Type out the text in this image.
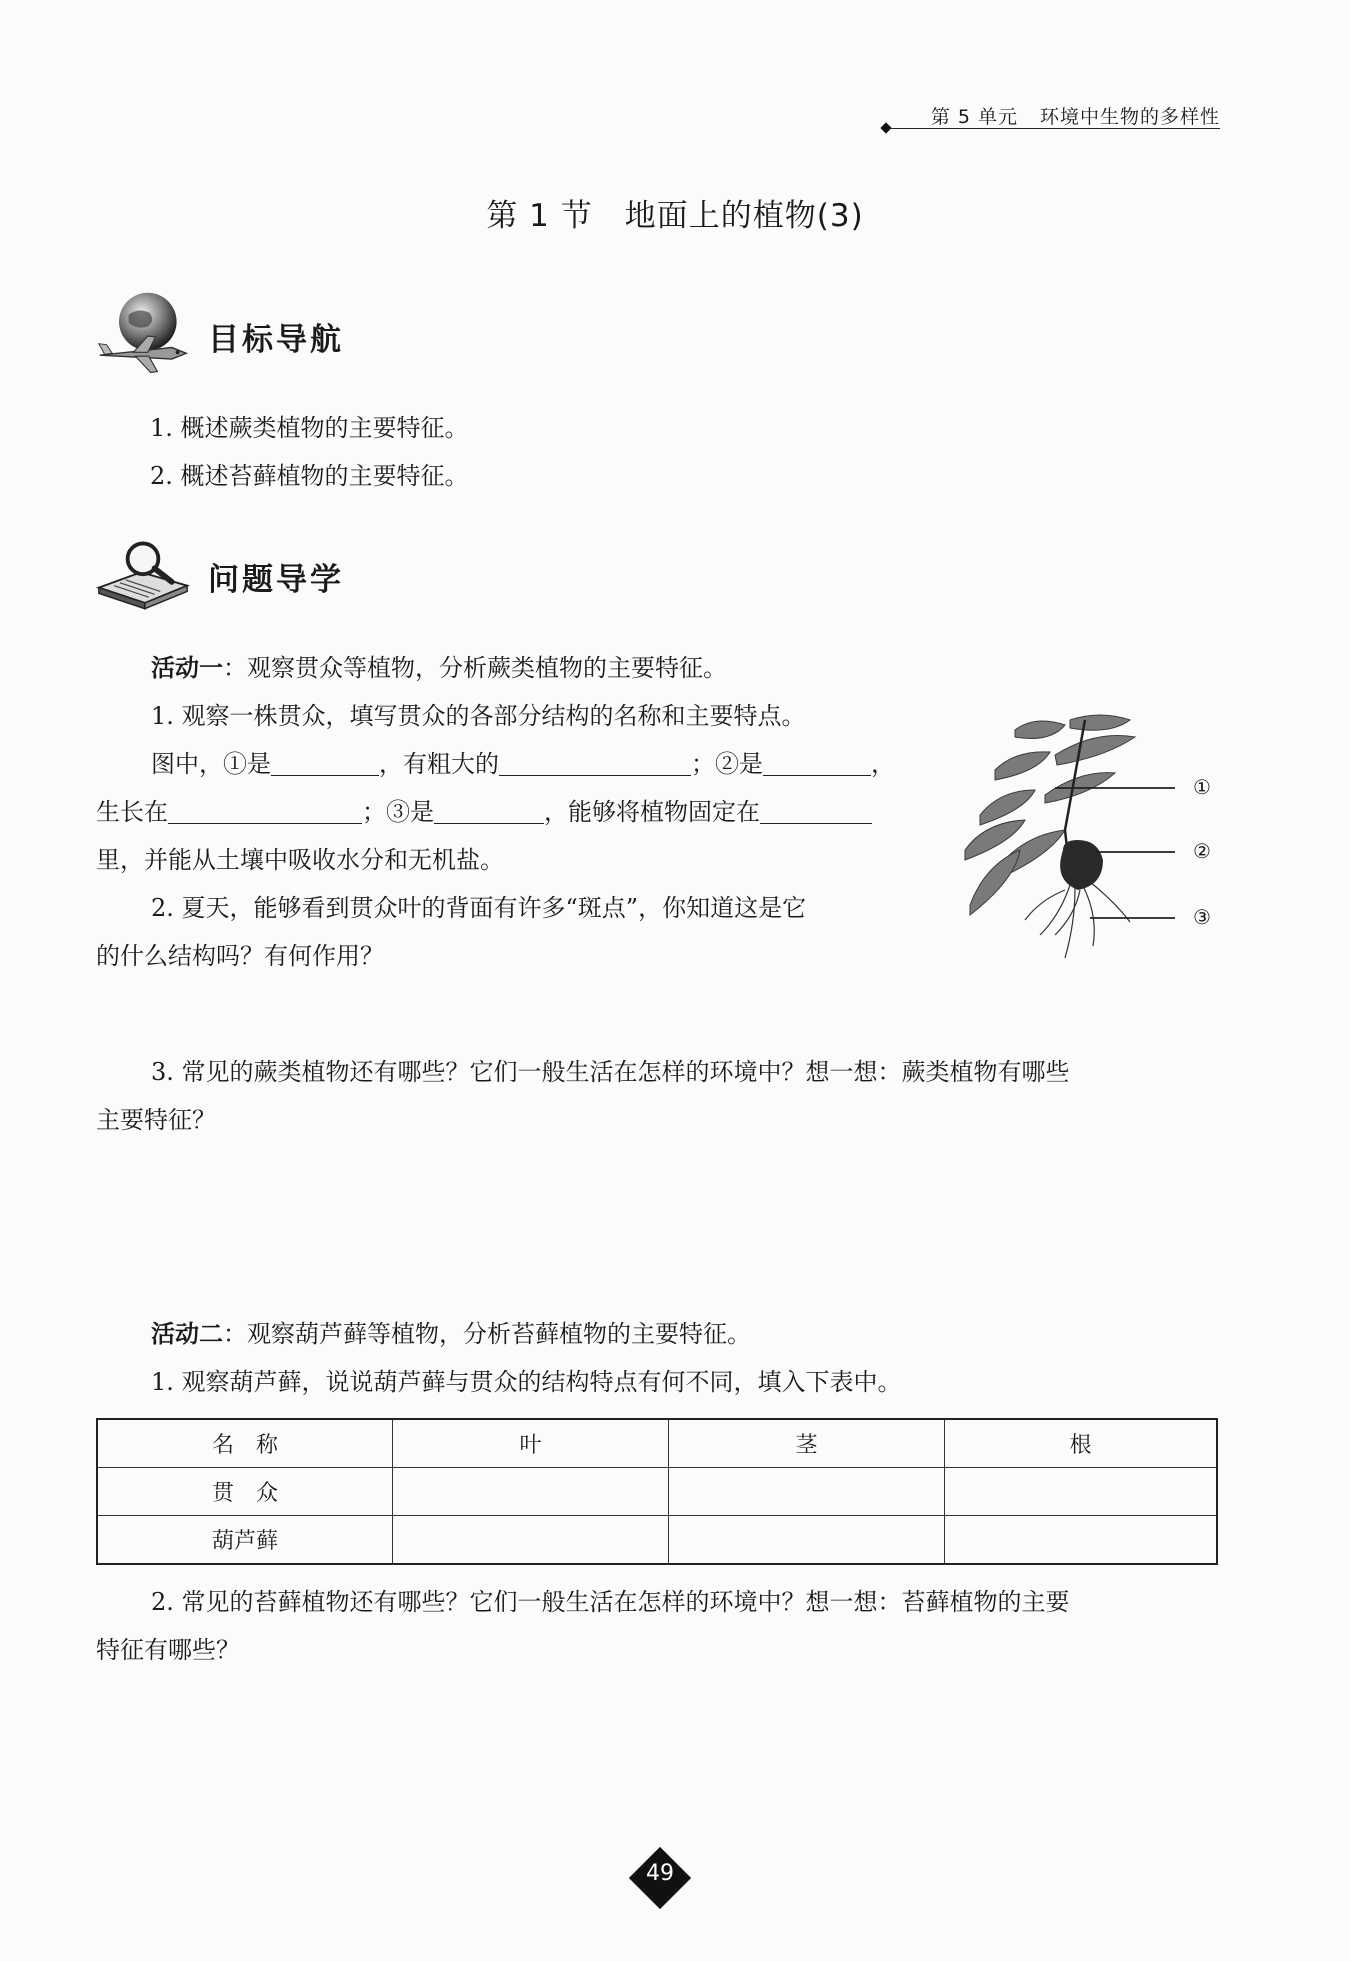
第 5 单元 环境中生物的多样性
第 1 节　地面上的植物(3)
目标导航
1. 概述蕨类植物的主要特征。
2. 概述苔藓植物的主要特征。
问题导学
活动一：观察贯众等植物，分析蕨类植物的主要特征。
1. 观察一株贯众，填写贯众的各部分结构的名称和主要特点。
图中，①是	，有粗大的	；②是	，
生长在	；③是	，能够将植物固定在
里，并能从土壤中吸收水分和无机盐。
2. 夏天，能够看到贯众叶的背面有许多“斑点”，你知道这是它
的什么结构吗？有何作用？
①
②
③
3. 常见的蕨类植物还有哪些？它们一般生活在怎样的环境中？想一想：蕨类植物有哪些
主要特征？
活动二：观察葫芦藓等植物，分析苔藓植物的主要特征。
1. 观察葫芦藓，说说葫芦藓与贯众的结构特点有何不同，填入下表中。
名　称	叶	茎	根
贯　众			
葫芦藓			
2. 常见的苔藓植物还有哪些？它们一般生活在怎样的环境中？想一想：苔藓植物的主要
特征有哪些？
49
